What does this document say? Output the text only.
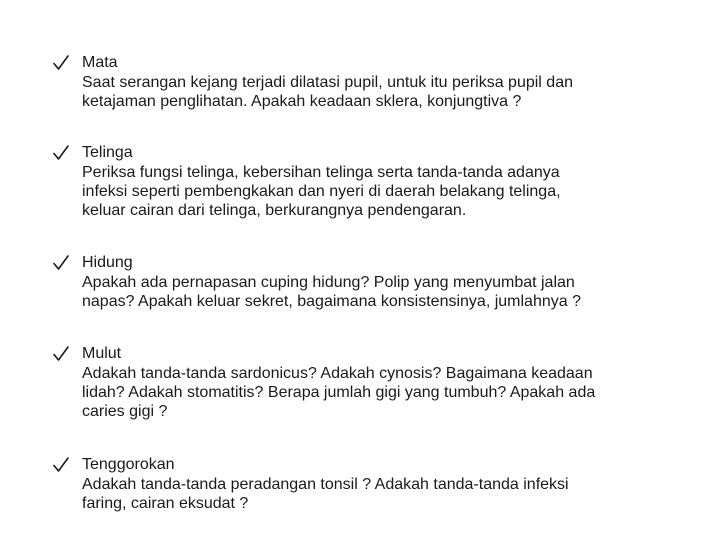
Mata
Saat serangan kejang terjadi dilatasi pupil, untuk itu periksa pupil dan
ketajaman penglihatan. Apakah keadaan sklera, konjungtiva ?
Telinga
Periksa fungsi telinga, kebersihan telinga serta tanda-tanda adanya
infeksi seperti pembengkakan dan nyeri di daerah belakang telinga,
keluar cairan dari telinga, berkurangnya pendengaran.
Hidung
Apakah ada pernapasan cuping hidung? Polip yang menyumbat jalan
napas? Apakah keluar sekret, bagaimana konsistensinya, jumlahnya ?
Mulut
Adakah tanda-tanda sardonicus? Adakah cynosis? Bagaimana keadaan
lidah? Adakah stomatitis? Berapa jumlah gigi yang tumbuh? Apakah ada
caries gigi ?
Tenggorokan
Adakah tanda-tanda peradangan tonsil ? Adakah tanda-tanda infeksi
faring, cairan eksudat ?
